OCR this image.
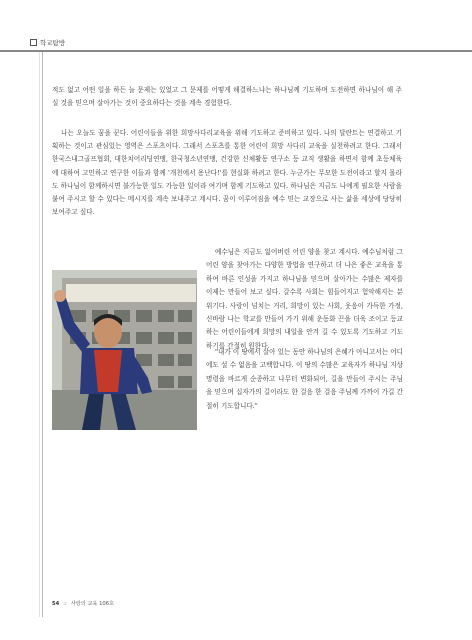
학교탐방

적도 없고 어떤 일을 하든 늘 문제는 있었고 그 문제를 어떻게 해결하느냐는 하나님께 기도하며 도전하면 하나님이 해 주실 것을 믿으며 살아가는 것이 중요하다는 것을 계속 경험한다.

나는 오늘도 꿈을 꾼다. 어린이들을 위한 희망사다리교육을 위해 기도하고 준비하고 있다. 나의 달란트는 연결하고 기획하는 것이고 관심있는 영역은 스포츠이다. 그래서 스포츠를 통한 어린이 희망 사다리 교육을 실천하려고 한다. 그래서 한국스내그골프협회, 대한치어리딩연맹, 한국청소년연맹, 건강한 신체활동 연구소 등 교직 생활을 하면서 함께 초등체육에 대하여 고민하고 연구한 이들과 함께 '개천에서 용난다!'를 현실화 하려고 한다. 누군가는 무모한 도전이라고 할지 몰라도 하나님이 함께하시면 불가능한 일도 가능한 일이라 여기며 함께 기도하고 있다. 하나님은 지금도 나에게 필요한 사람을 붙여 주시고 할 수 있다는 메시지를 계속 보내주고 계시다. 꿈이 이루어짐을 예수 믿는 교장으로 사는 삶을 세상에 당당히 보여주고 싶다.

예수님은 지금도 잃어버린 어린 양을 찾고 계시다. 예수님처럼 그 어린 양을 찾아가는 다양한 방법을 연구하고 더 나은 좋은 교육을 통하여 바른 인성을 가지고 하나님을 믿으며 살아가는 수많은 제자를 이제는 만들어 보고 싶다. 갈수록 사회는 힘들어지고 험악해지는 분위기다. 사랑이 넘치는 거리, 희망이 있는 사회, 웃음이 가득한 가정, 신바람 나는 학교를 만들어 가기 위해 운동화 끈을 더욱 조이고 등교하는 어린이들에게 희망의 내일을 안겨 길 수 있도록 기도하고 기도하기를 간절히 원한다.

"내가 이 땅에서 살아 있는 동안 하나님의 은혜가 아니고서는 어디에도 설 수 없음을 고백합니다. 이 땅의 수많은 교육자가 하나님 지상명령을 바르게 순종하고 나무터 변화되어, 길을 만들어 주시는 주님을 믿으며 십자가의 길이라도 한 걸음 한 걸음 주님께 가까이 가길 간절히 기도합니다."

54 :: 사랑의 교육 106호
